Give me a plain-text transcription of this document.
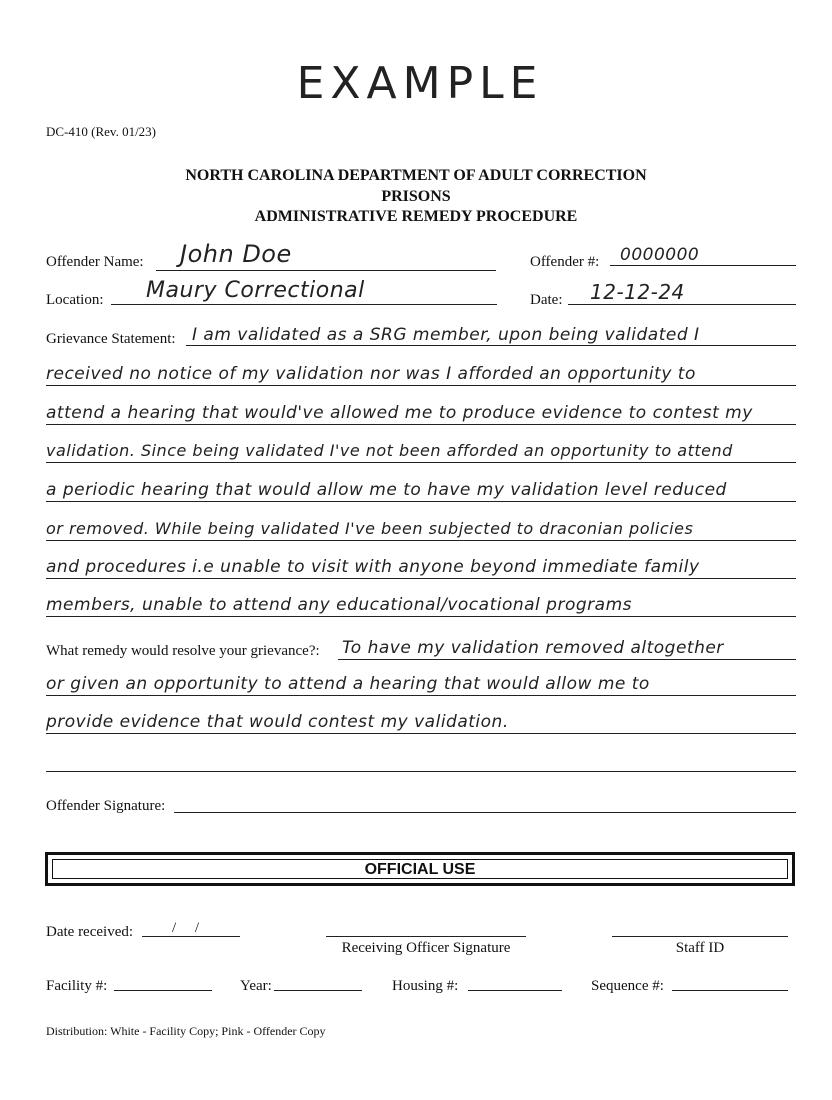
EXAMPLE
DC-410 (Rev. 01/23)
NORTH CAROLINA DEPARTMENT OF ADULT CORRECTION
PRISONS
ADMINISTRATIVE REMEDY PROCEDURE
Offender Name: John Doe	Offender #: 0000000
Location: Maury Correctional	Date: 12-12-24
Grievance Statement: I am validated as a SRG member, upon being validated I
received no notice of my validation nor was I afforded an opportunity to
attend a hearing that would've allowed me to produce evidence to contest my
validation. Since being validated I've not been afforded an opportunity to attend
a periodic hearing that would allow me to have my validation level reduced
or removed. While being validated I've been subjected to draconian policies
and procedures i.e unable to visit with anyone beyond immediate family
members, unable to attend any educational/vocational programs
What remedy would resolve your grievance?: To have my validation removed altogether
or given an opportunity to attend a hearing that would allow me to
provide evidence that would contest my validation.
Offender Signature:
OFFICIAL USE
Date received:	/     /
Receiving Officer Signature	Staff ID
Facility #:	Year:	Housing #:	Sequence #:
Distribution: White - Facility Copy; Pink - Offender Copy
